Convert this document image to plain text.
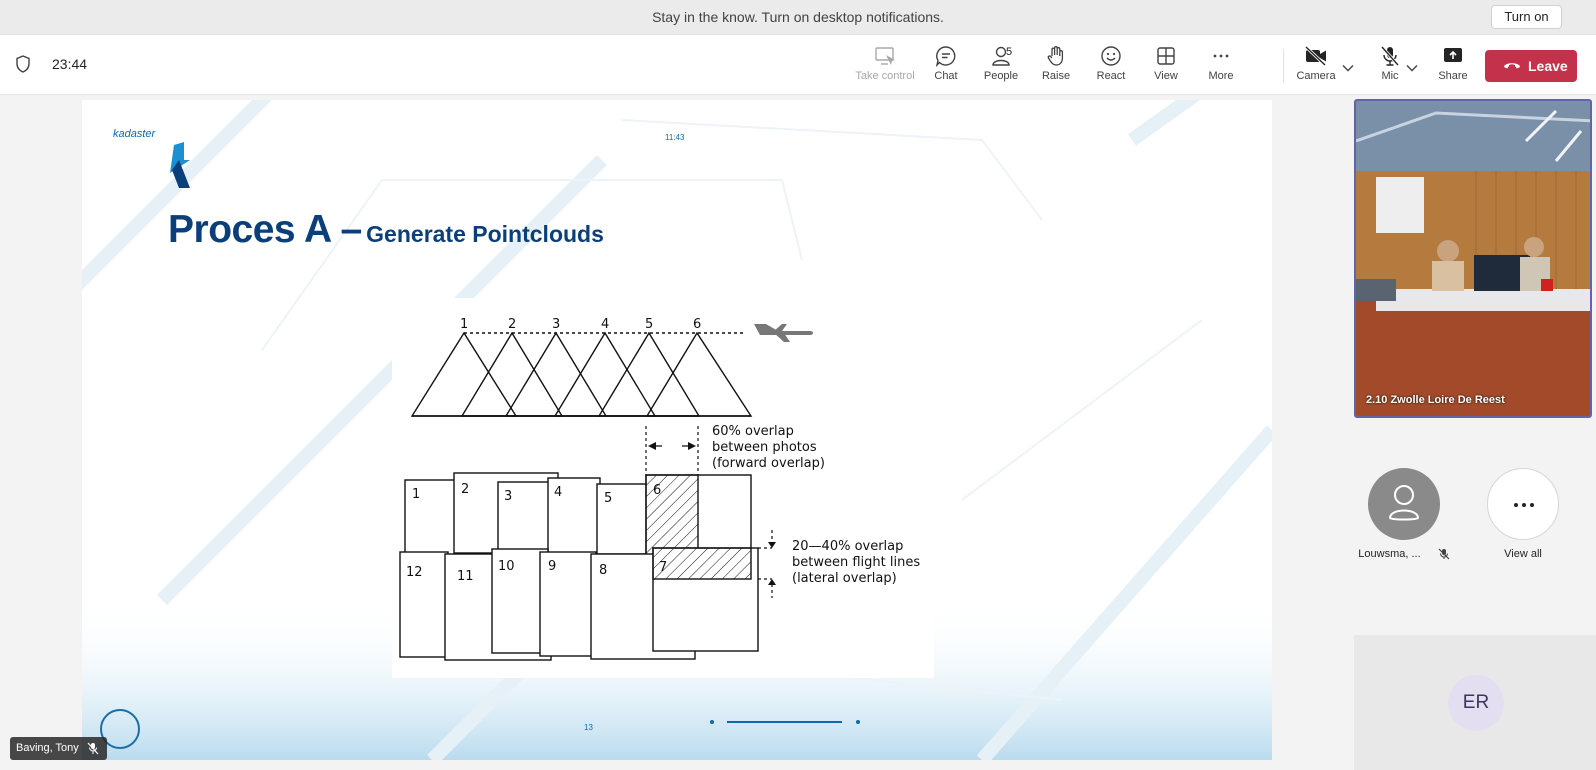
Stay in the know. Turn on desktop notifications.	Turn on
23:44
Take control	Chat
5
People	Raise	React	View	More	Camera	Mic	Share
Leave
kadaster	11:43
Proces A – Generate Pointclouds
13
1	2	3	4	5	6
60% overlap
between photos
(forward overlap)
1	2	3	4	5
6
12	11
10	9	8	7
20—40% overlap
between flight lines
(lateral overlap)
2.10 Zwolle Loire De Reest
Louwsma, ...	View all
ER
Baving, Tony
